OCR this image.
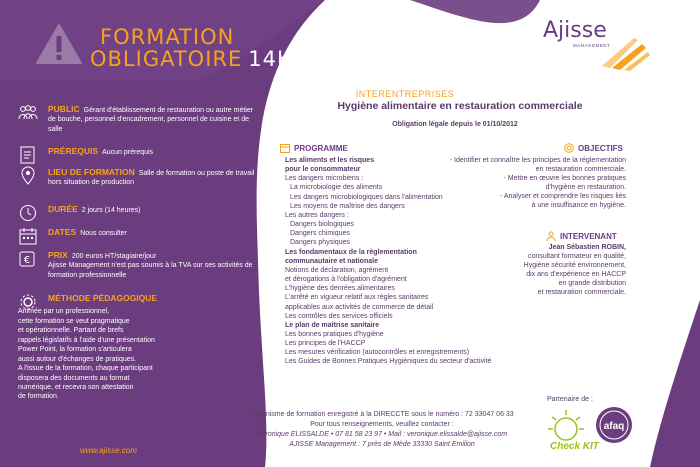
FORMATION
OBLIGATOIRE 14H
PUBLIC Gérant d'établissement de restauration ou autre métier de bouche, personnel d'encadrement, personnel de cuisine et de salle
PRÉREQUIS Aucun prérequis
LIEU DE FORMATION Salle de formation ou poste de travail hors situation de production
DURÉE 2 jours (14 heures)
DATES Nous consulter
€ PRIX 200 euros HT/stagiaire/jour
Ajisse Management n'est pas soumis à la TVA sur ses activités de formation professionnelle
MÉTHODE PÉDAGOGIQUE
Animée par un professionnel,
cette formation se veut pragmatique
et opérationnelle. Partant de brefs
rappels législatifs à l'aide d'une présentation
Power Point, la formation s'articulera
aussi autour d'échanges de pratiques.
A l'issue de la formation, chaque participant
disposera des documents au format
numérique, et recevra son attestation
de formation.
www.ajisse.com
Ajisse
MANAGEMENT
INTERENTREPRISES
Hygiène alimentaire en restauration commerciale
Obligation légale depuis le 01/10/2012
PROGRAMME
Les aliments et les risques
pour le consommateur
Les dangers microbiens :
La microbiologie des aliments
Les dangers microbiologiques dans l'alimentation
Les moyens de maîtrise des dangers
Les autres dangers :
Dangers biologiques
Dangers chimiques
Dangers physiques
Les fondamentaux de la règlementation
communautaire et nationale
Notions de déclaration, agrément
et dérogations à l'obligation d'agrément
L'hygiène des denrées alimentaires
L'arrêté en vigueur relatif aux règles sanitaires
applicables aux activités de commerce de détail
Les contrôles des services officiels
Le plan de maîtrise sanitaire
Les bonnes pratiques d'hygiène
Les principes de l'HACCP
Les mesures vérification (autocontrôles et enregistrements)
Les Guides de Bonnes Pratiques Hygiéniques du secteur d'activité
OBJECTIFS
- Identifier et connaître les principes de la réglementation
en restauration commerciale.
- Mettre en œuvre les bonnes pratiques
d'hygiène en restauration.
- Analyser et comprendre les risques liés
à une insuffisance en hygiène.
INTERVENANT
Jean Sébastien ROBIN,
consultant formateur en qualité,
Hygiène sécurité environnement,
dix ans d'expérience en HACCP
en grande distribution
et restauration commerciale.
Organisme de formation enregistré à la DIRECCTE sous le numéro : 72 33047 06 33
Pour tous renseignements, veuillez contacter :
Véronique ELISSALDE • 07 81 58 23 97 • Mail : veronique.elissalde@ajisse.com
AJISSE Management : 7 près de Mède 33330 Saint Emilion
Partenaire de :
Check KIT
afaq
